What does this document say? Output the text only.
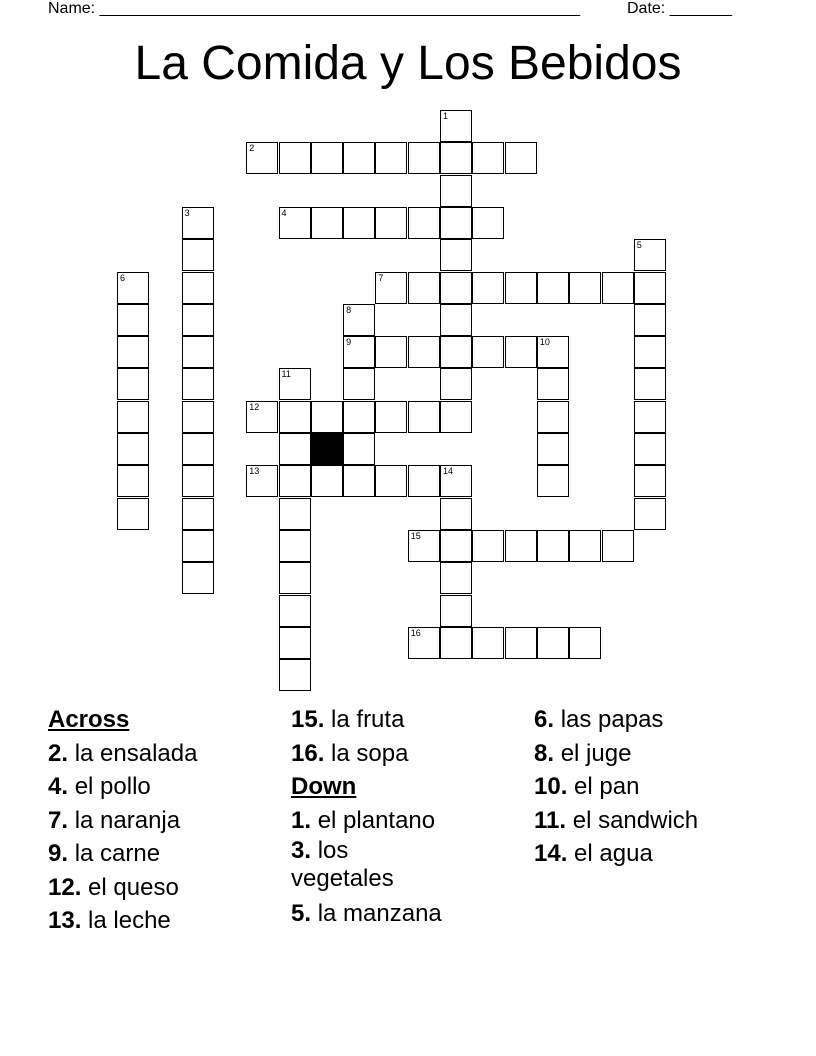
Name: ______________________________________________________	Date: _______
La Comida y Los Bebidos
1
2
3	4
5
6	7
8
9	10
11
12
13	14
15
16
Across
2. la ensalada
4. el pollo
7. la naranja
9. la carne
12. el queso
13. la leche
15. la fruta
16. la sopa
Down
1. el plantano
3. los vegetales
5. la manzana
6. las papas
8. el juge
10. el pan
11. el sandwich
14. el agua
